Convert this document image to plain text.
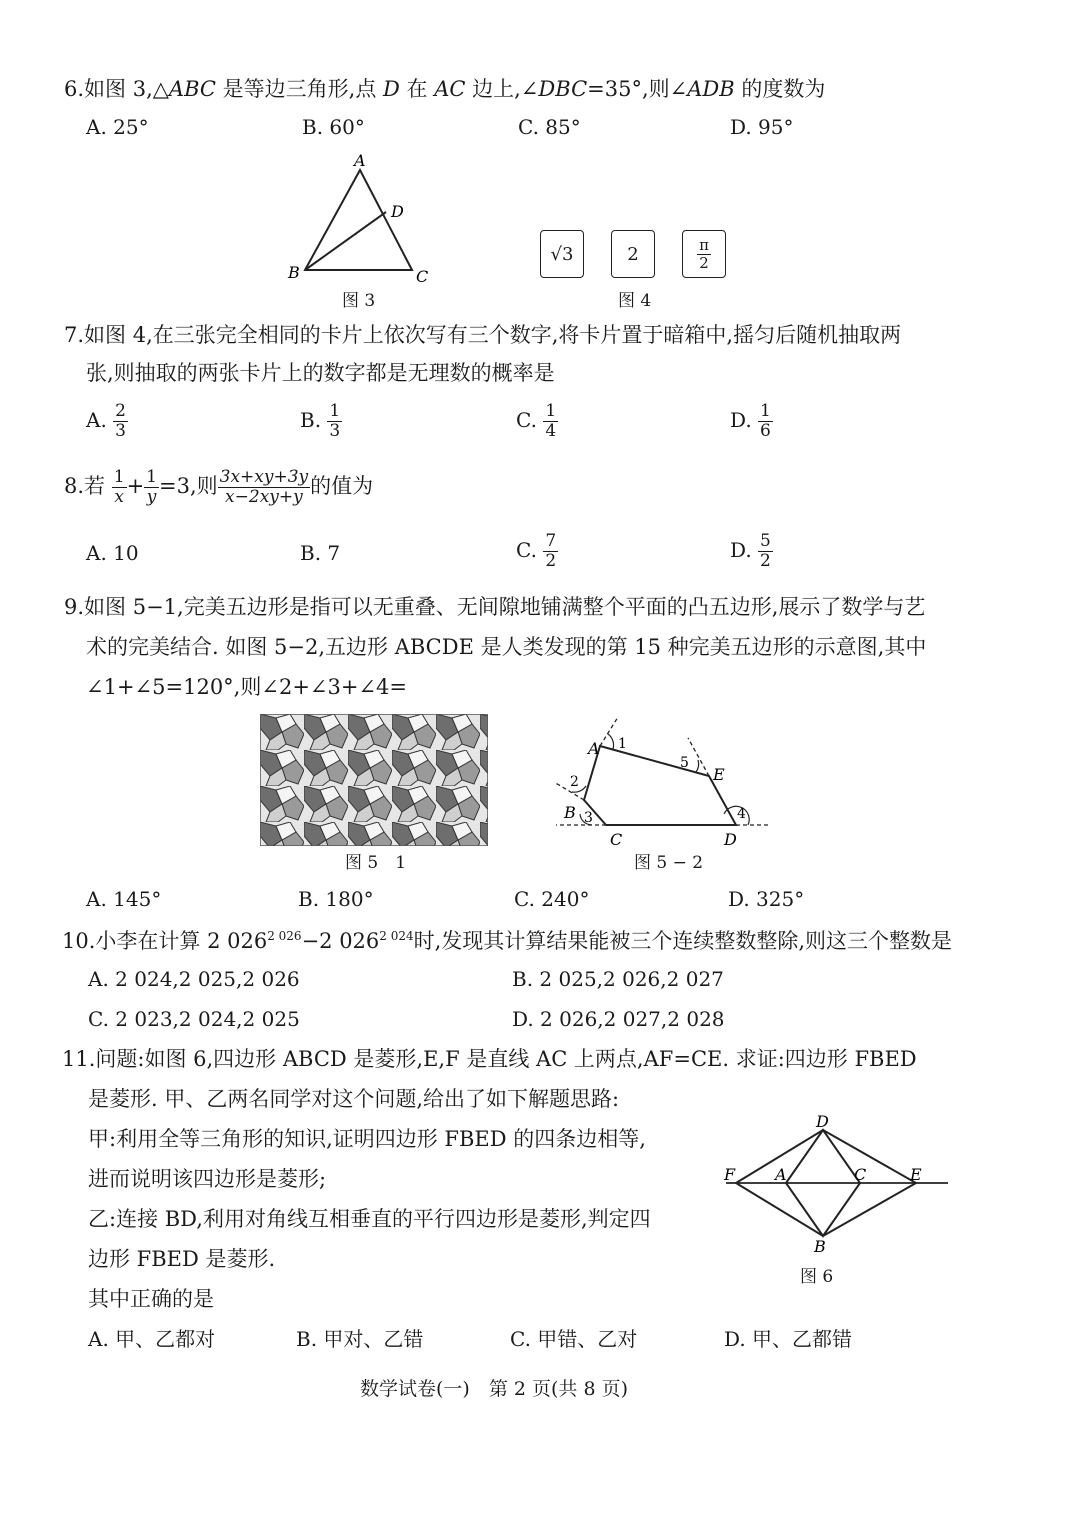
6.如图 3,△ABC 是等边三角形,点 D 在 AC 边上,∠DBC=35°,则∠ADB 的度数为
A. 25°	B. 60°	C. 85°	D. 95°
A
B	C
D
图 3
√3	2	$\frac{\pi}{2}$
图 4
7.如图 4,在三张完全相同的卡片上依次写有三个数字,将卡片置于暗箱中,摇匀后随机抽取两
张,则抽取的两张卡片上的数字都是无理数的概率是
A. $\frac{2}{3}$	B. $\frac{1}{3}$	C. $\frac{1}{4}$	D. $\frac{1}{6}$
8.若 $\frac{1}{x} + \frac{1}{y} =3$,则 $\frac{3x+xy+3y}{x-2xy+y}$ 的值为
A. 10	B. 7	C. $\frac{7}{2}$	D. $\frac{5}{2}$
9.如图 5−1,完美五边形是指可以无重叠、无间隙地铺满整个平面的凸五边形,展示了数学与艺
术的完美结合. 如图 5−2,五边形 ABCDE 是人类发现的第 15 种完美五边形的示意图,其中
∠1+∠5=120°,则∠2+∠3+∠4=
图 5　1
A
B
C	D
E
1
2
3	4
5
图 5 − 2
A. 145°	B. 180°	C. 240°	D. 325°
10.小李在计算 2 $026^{2 026}-2$ $026^{2 024}$时,发现其计算结果能被三个连续整数整除,则这三个整数是
A. 2 024,2 025,2 026	B. 2 025,2 026,2 027
C. 2 023,2 024,2 025	D. 2 026,2 027,2 028
11.问题:如图 6,四边形 ABCD 是菱形,E,F 是直线 AC 上两点,AF=CE. 求证:四边形 FBED
是菱形. 甲、乙两名同学对这个问题,给出了如下解题思路:
甲:利用全等三角形的知识,证明四边形 FBED 的四条边相等,
进而说明该四边形是菱形;
乙:连接 BD,利用对角线互相垂直的平行四边形是菱形,判定四
边形 FBED 是菱形.
其中正确的是
D
F A	C	E
B
图 6
A. 甲、乙都对	B. 甲对、乙错	C. 甲错、乙对	D. 甲、乙都错
数学试卷(一)　第 2 页(共 8 页)
